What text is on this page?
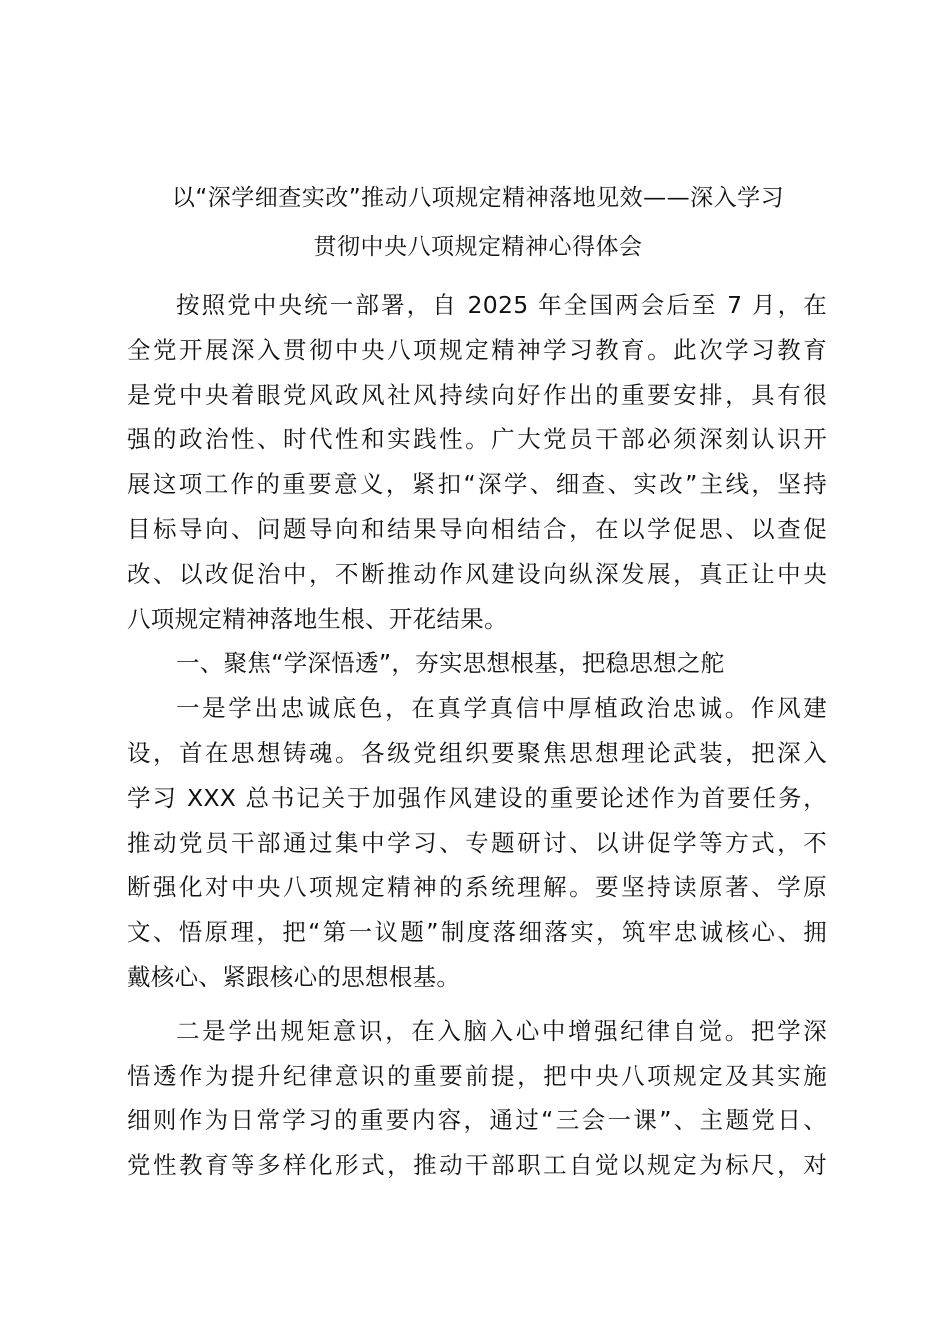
以“深学细查实改”推动八项规定精神落地见效——深入学习
贯彻中央八项规定精神心得体会
按照党中央统一部署，自 2025 年全国两会后至 7 月，在
全党开展深入贯彻中央八项规定精神学习教育。此次学习教育
是党中央着眼党风政风社风持续向好作出的重要安排，具有很
强的政治性、时代性和实践性。广大党员干部必须深刻认识开
展这项工作的重要意义，紧扣“深学、细查、实改”主线，坚持
目标导向、问题导向和结果导向相结合，在以学促思、以查促
改、以改促治中，不断推动作风建设向纵深发展，真正让中央
八项规定精神落地生根、开花结果。
一、聚焦“学深悟透”，夯实思想根基，把稳思想之舵
一是学出忠诚底色，在真学真信中厚植政治忠诚。作风建
设，首在思想铸魂。各级党组织要聚焦思想理论武装，把深入
学习 XXX 总书记关于加强作风建设的重要论述作为首要任务，
推动党员干部通过集中学习、专题研讨、以讲促学等方式，不
断强化对中央八项规定精神的系统理解。要坚持读原著、学原
文、悟原理，把“第一议题”制度落细落实，筑牢忠诚核心、拥
戴核心、紧跟核心的思想根基。
二是学出规矩意识，在入脑入心中增强纪律自觉。把学深
悟透作为提升纪律意识的重要前提，把中央八项规定及其实施
细则作为日常学习的重要内容，通过“三会一课”、主题党日、
党性教育等多样化形式，推动干部职工自觉以规定为标尺，对
